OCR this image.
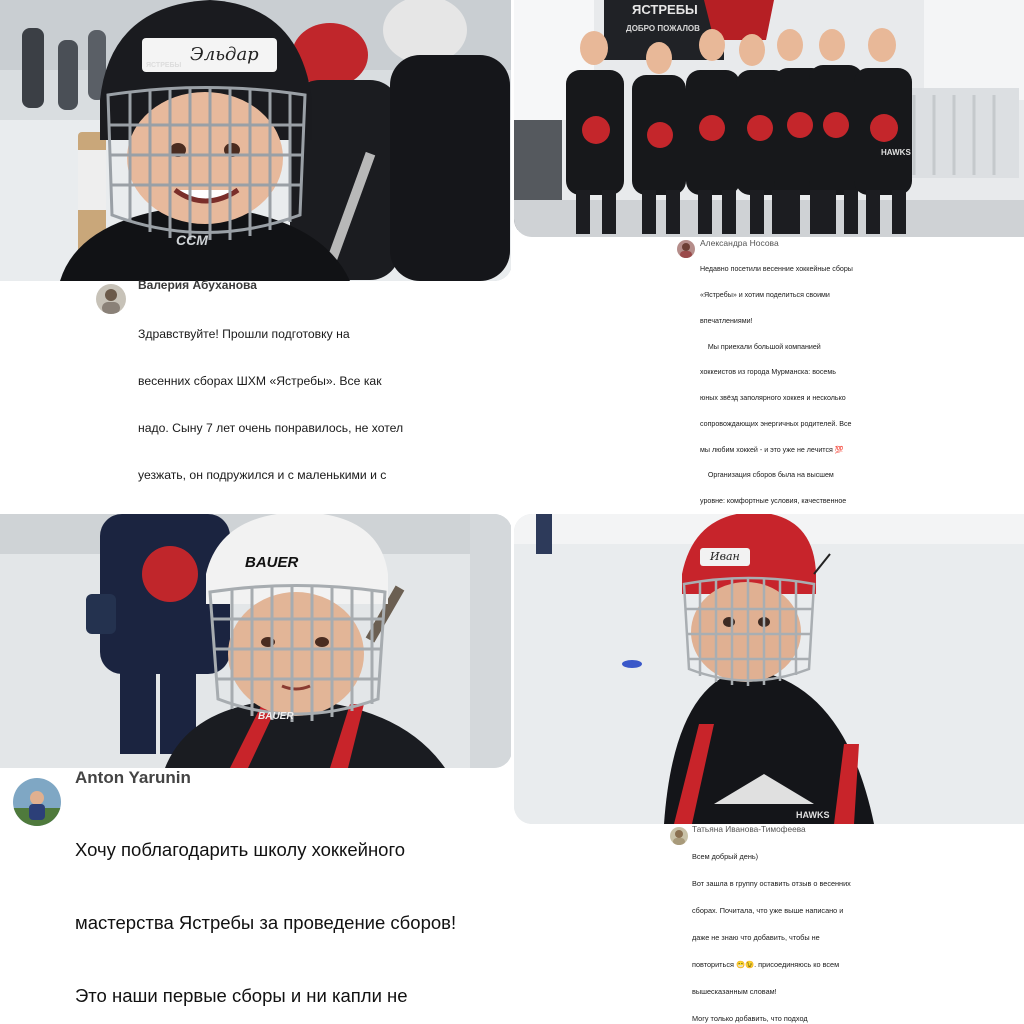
Эльдар
ЯСТРЕБЫ
CCM
Валерия Абуханова

Здравствуйте! Прошли подготовку на

весенних сборах ШХМ «Ястребы». Все как

надо. Сыну 7 лет очень понравилось, не хотел

уезжать, он подружился и с маленькими и с

ЯСТРЕБЫ
ДОБРО ПОЖАЛОВ
HAWKS
Александра Носова

Недавно посетили весенние хоккейные сборы

«Ястребы» и хотим поделиться своими

впечатлениями!

Мы приехали большой компанией

хоккеистов из города Мурманска: восемь

юных звёзд заполярного хоккея и несколько

сопровождающих энергичных родителей. Все

мы любим хоккей - и это уже не лечится 💯

Организация сборов была на высшем

уровне: комфортные условия, качественное

BAUER
BAUER
Anton Yarunin

Хочу поблагодарить школу хоккейного

мастерства Ястребы за проведение сборов!

Это наши первые сборы и ни капли не

Иван
HAWKS
Татьяна Иванова-Тимофеева

Всем добрый день)

Вот зашла в группу оставить отзыв о весенних

сборах. Почитала, что уже выше написано и

даже не знаю что добавить, чтобы не

повториться 😁😉. присоединяюсь ко всем

вышесказанным словам!

Могу только добавить, что подход
